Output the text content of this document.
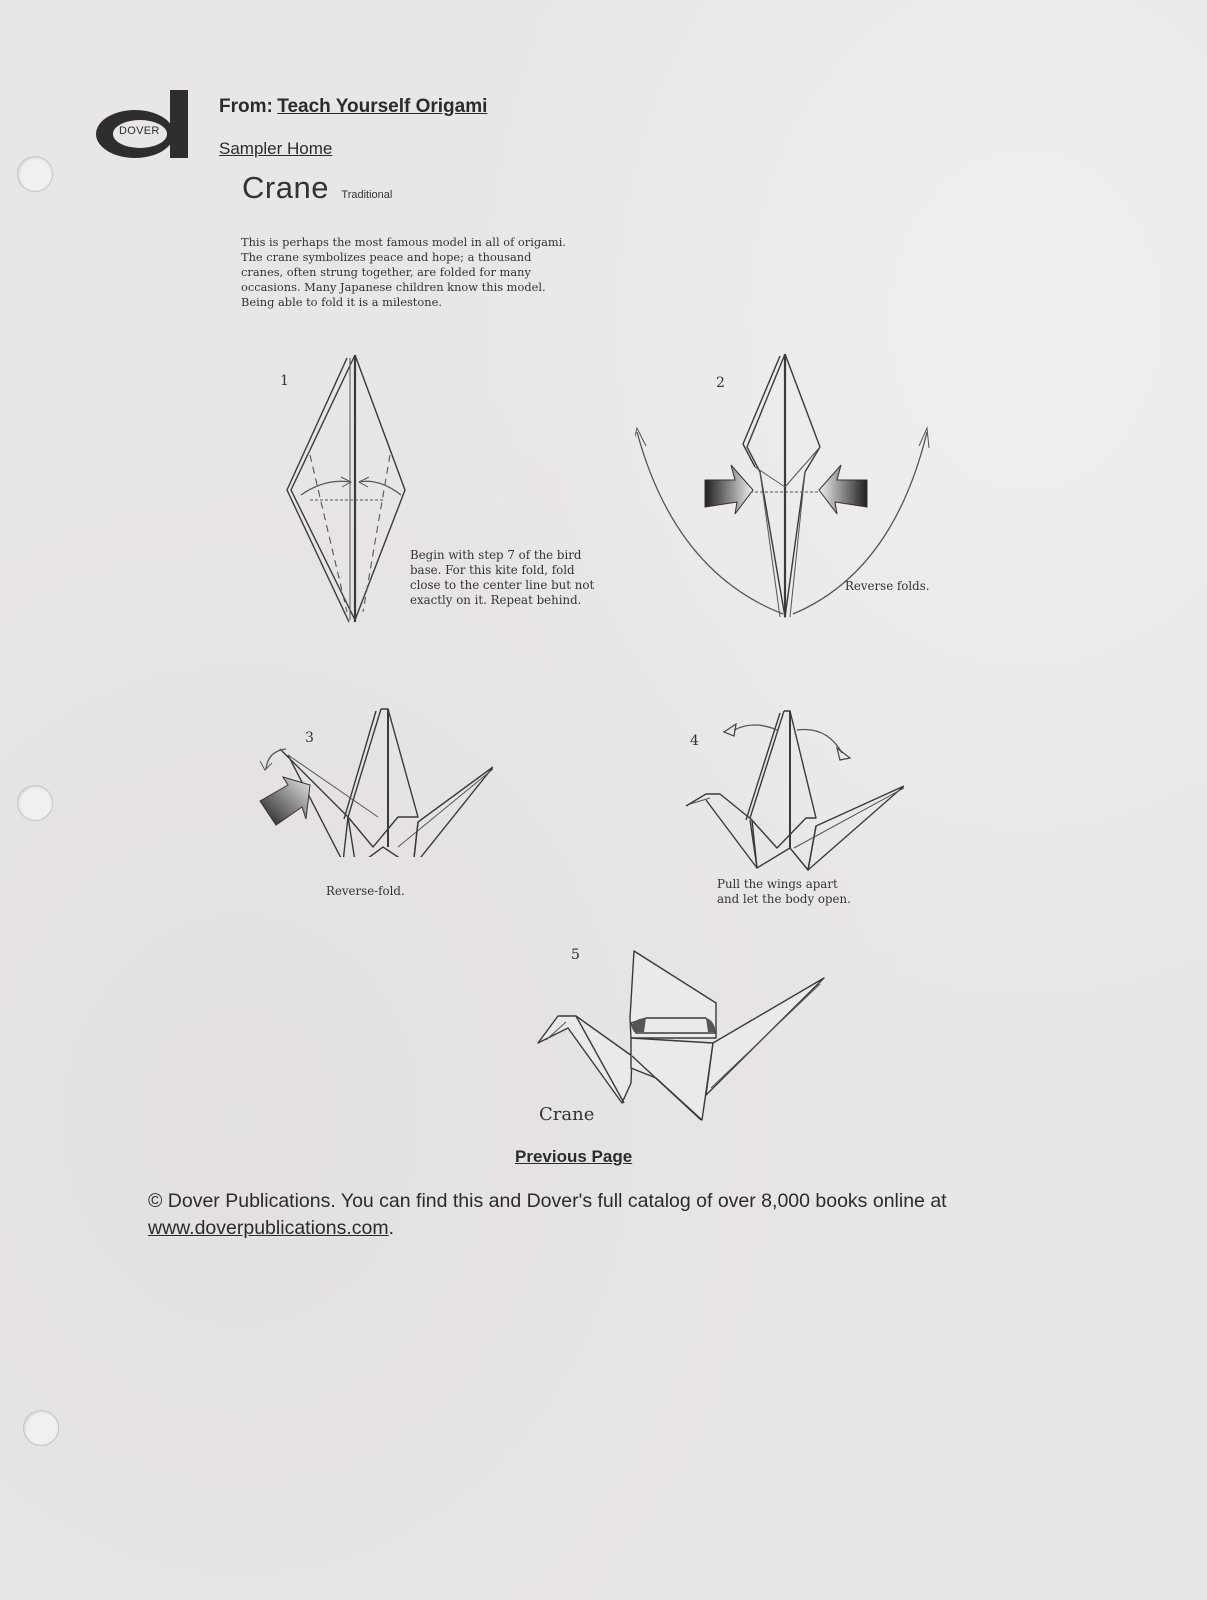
DOVER
From: Teach Yourself Origami
Sampler Home
Crane Traditional
This is perhaps the most famous model in all of origami.
The crane symbolizes peace and hope; a thousand
cranes, often strung together, are folded for many
occasions. Many Japanese children know this model.
Being able to fold it is a milestone.
1
Begin with step 7 of the bird
base. For this kite fold, fold
close to the center line but not
exactly on it. Repeat behind.
2
Reverse folds.
3
Reverse-fold.
4
Pull the wings apart
and let the body open.
5
Crane
Previous Page
© Dover Publications. You can find this and Dover's full catalog of over 8,000 books online at
www.doverpublications.com.
